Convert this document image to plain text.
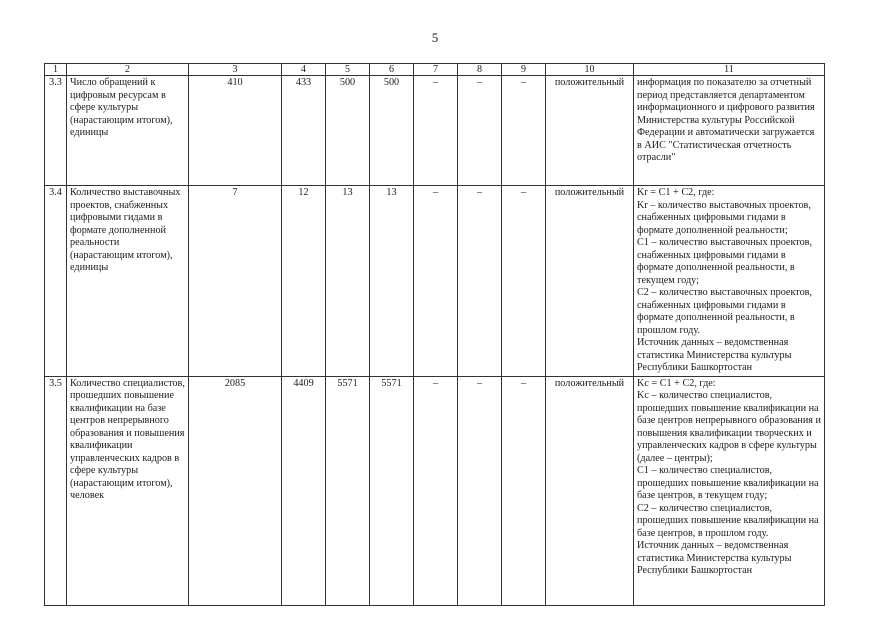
5
1	2	3	4	5	6	7	8	9	10	11
3.3	Число обращений к цифровым ресурсам в сфере культуры (нарастающим итогом), единицы	410	433	500	500	–	–	–	положительный	информация по показателю за отчетный период представляется департаментом информационного и цифрового развития Министерства культуры Российской Федерации и автоматически загружается в АИС "Статистическая отчетность отрасли"
3.4	Количество выставочных проектов, снабженных цифровыми гидами в формате дополненной реальности (нарастающим итогом), единицы	7	12	13	13	–	–	–	положительный	Kr = C1 + C2, где:
Kr – количество выставочных проектов, снабженных цифровыми гидами в формате дополненной реальности;
C1 – количество выставочных проектов, снабженных цифровыми гидами в формате дополненной реальности, в текущем году;
C2 – количество выставочных проектов, снабженных цифровыми гидами в формате дополненной реальности, в прошлом году.
Источник данных – ведомственная статистика Министерства культуры Республики Башкортостан
3.5	Количество специалистов, прошедших повышение квалификации на базе центров непрерывного образования и повышения квалификации управленческих кадров в сфере культуры (нарастающим итогом), человек	2085	4409	5571	5571	–	–	–	положительный	Kc = C1 + C2, где:
Kc – количество специалистов, прошедших повышение квалификации на базе центров непрерывного образования и повышения квалификации творческих и управленческих кадров в сфере культуры (далее – центры);
C1 – количество специалистов, прошедших повышение квалификации на базе центров, в текущем году;
C2 – количество специалистов, прошедших повышение квалификации на базе центров, в прошлом году.
Источник данных – ведомственная статистика Министерства культуры Республики Башкортостан
